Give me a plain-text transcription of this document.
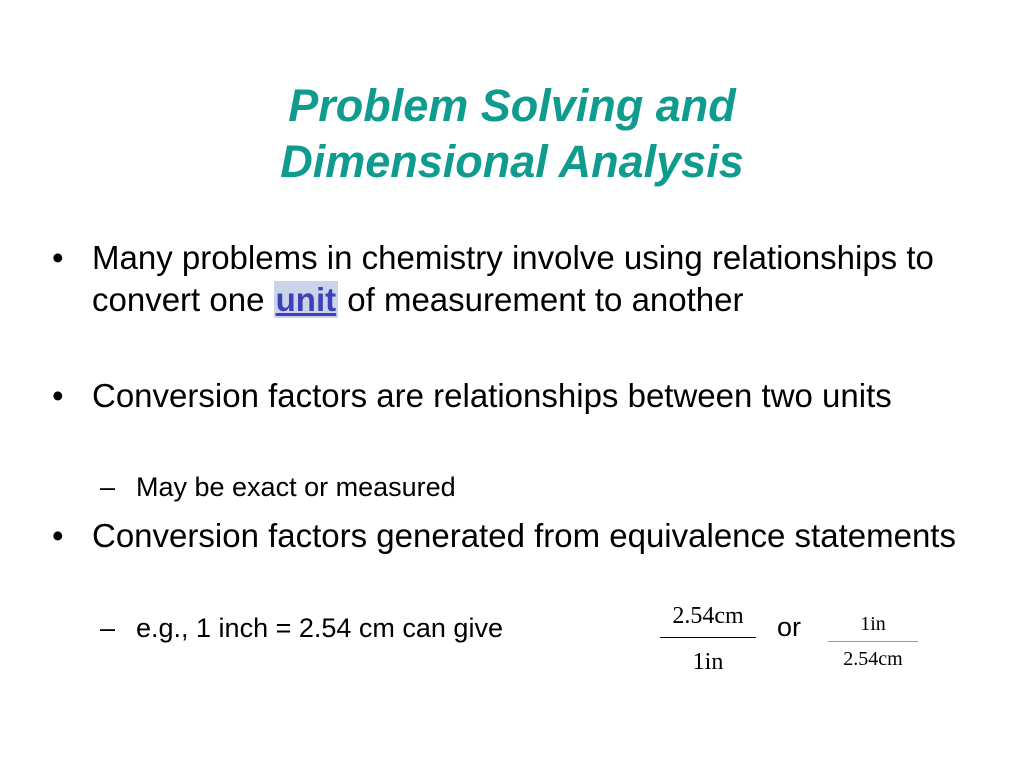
Problem Solving and
Dimensional Analysis
• Many problems in chemistry involve using relationships to convert one unit of measurement to another
• Conversion factors are relationships between two units
– May be exact or measured
• Conversion factors generated from equivalence statements
– e.g., 1 inch = 2.54 cm can give	2.54cm
1in
or	1in
2.54cm
